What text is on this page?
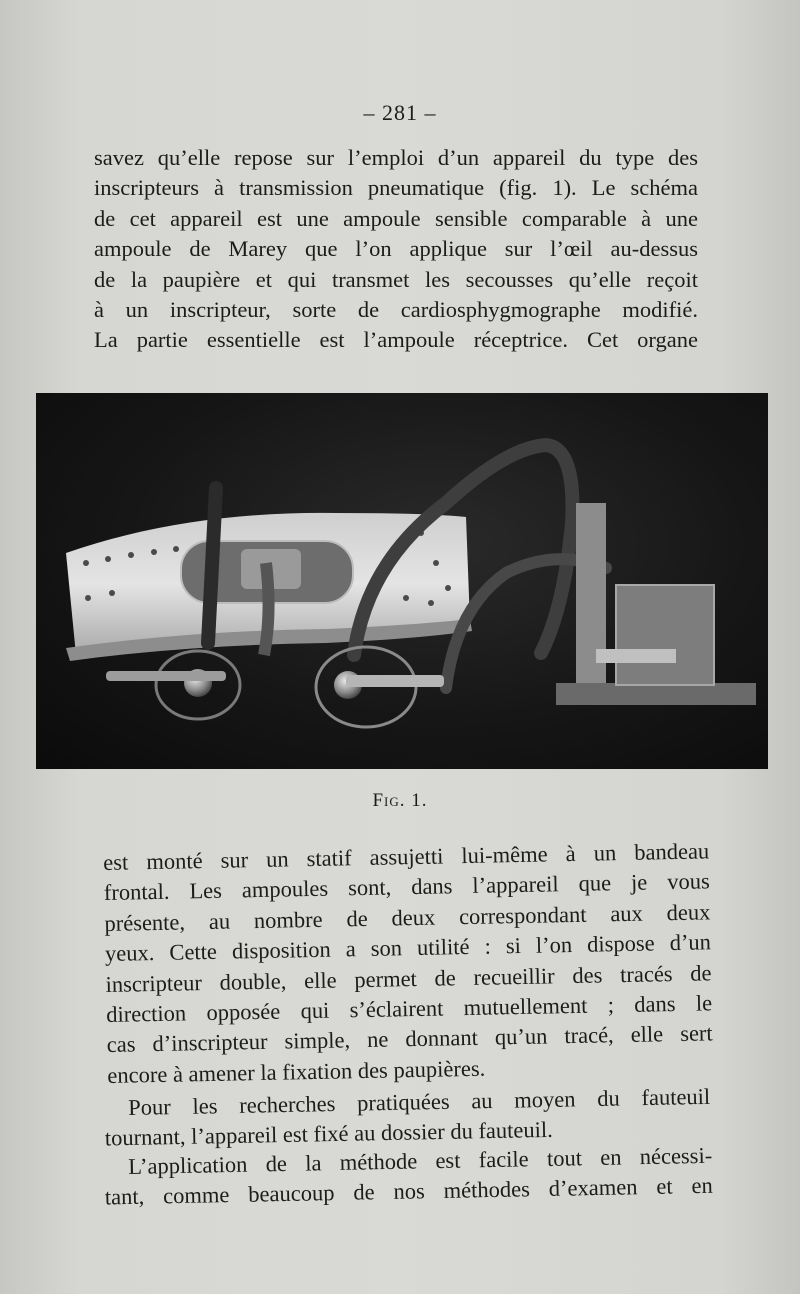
– 281 –

savez qu’elle repose sur l’emploi d’un appareil du type des
inscripteurs à transmission pneumatique (fig. 1). Le schéma
de cet appareil est une ampoule sensible comparable à une
ampoule de Marey que l’on applique sur l’œil au-dessus
de la paupière et qui transmet les secousses qu’elle reçoit
à un inscripteur, sorte de cardiosphygmographe modifié.
La partie essentielle est l’ampoule réceptrice. Cet organe

Fig. 1.

est monté sur un statif assujetti lui-même à un bandeau
frontal. Les ampoules sont, dans l’appareil que je vous
présente, au nombre de deux correspondant aux deux
yeux. Cette disposition a son utilité : si l’on dispose d’un
inscripteur double, elle permet de recueillir des tracés de
direction opposée qui s’éclairent mutuellement ; dans le
cas d’inscripteur simple, ne donnant qu’un tracé, elle sert
encore à amener la fixation des paupières.

Pour les recherches pratiquées au moyen du fauteuil
tournant, l’appareil est fixé au dossier du fauteuil.

L’application de la méthode est facile tout en nécessi-
tant, comme beaucoup de nos méthodes d’examen et en
